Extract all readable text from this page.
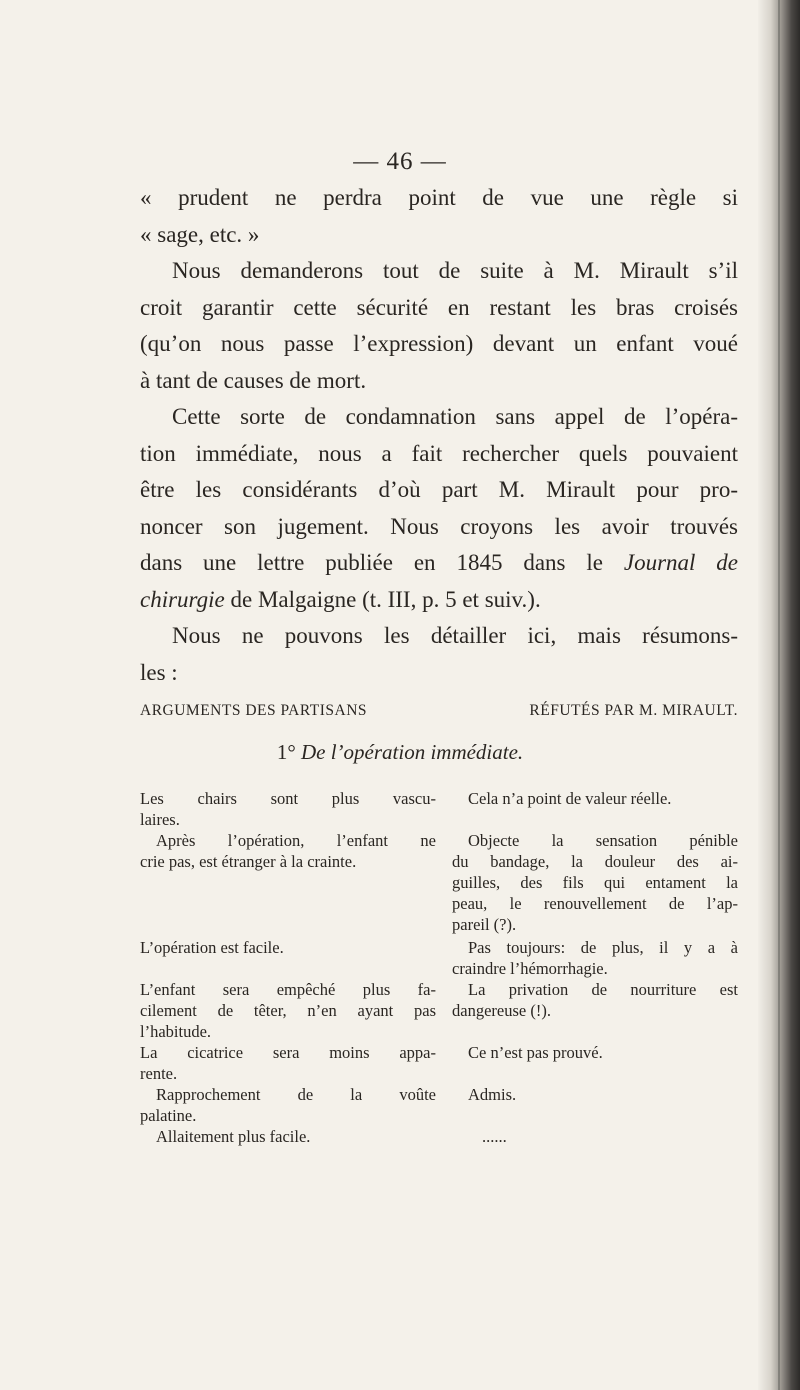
— 46 —
« prudent ne perdra point de vue une règle si
« sage, etc. »
Nous demanderons tout de suite à M. Mirault s’il
croit garantir cette sécurité en restant les bras croisés
(qu’on nous passe l’expression) devant un enfant voué
à tant de causes de mort.
Cette sorte de condamnation sans appel de l’opéra-
tion immédiate, nous a fait rechercher quels pouvaient
être les considérants d’où part M. Mirault pour pro-
noncer son jugement. Nous croyons les avoir trouvés
dans une lettre publiée en 1845 dans le Journal de
chirurgie de Malgaigne (t. III, p. 5 et suiv.).
Nous ne pouvons les détailler ici, mais résumons-
les :
ARGUMENTS DES PARTISANS	RÉFUTÉS PAR M. MIRAULT.
1° De l’opération immédiate.
Les chairs sont plus vascu-
laires.
Après l’opération, l’enfant ne
crie pas, est étranger à la crainte.
L’opération est facile.
L’enfant sera empêché plus fa-
cilement de têter, n’en ayant pas
l’habitude.
La cicatrice sera moins appa-
rente.
Rapprochement de la voûte
palatine.
Allaitement plus facile.
Cela n’a point de valeur réelle.
Objecte la sensation pénible
du bandage, la douleur des ai-
guilles, des fils qui entament la
peau, le renouvellement de l’ap-
pareil (?).
Pas toujours: de plus, il y a à
craindre l’hémorrhagie.
La privation de nourriture est
dangereuse (!).
Ce n’est pas prouvé.
Admis.
......
